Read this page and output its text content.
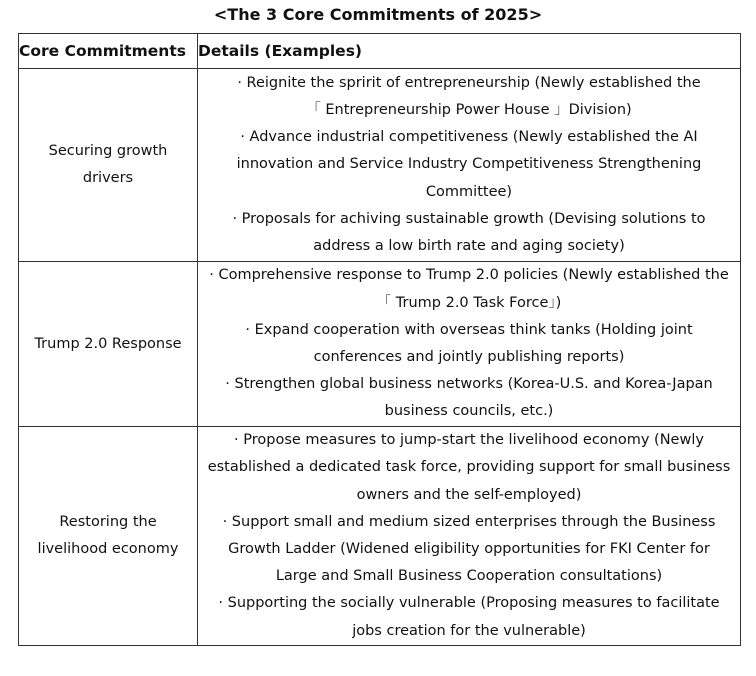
<The 3 Core Commitments of 2025>
Core Commitments	Details (Examples)

Securing growth drivers	· Reignite the spririt of entrepreneurship (Newly established the 「 Entrepreneurship Power House 」Division)
· Advance industrial competitiveness (Newly established the AI innovation and Service Industry Competitiveness Strengthening Committee)
· Proposals for achiving sustainable growth (Devising solutions to address a low birth rate and aging society)

Trump 2.0 Response	· Comprehensive response to Trump 2.0 policies (Newly established the 「 Trump 2.0 Task Force」)
· Expand cooperation with overseas think tanks (Holding joint conferences and jointly publishing reports)
· Strengthen global business networks (Korea-U.S. and Korea-Japan business councils, etc.)

Restoring the livelihood economy	· Propose measures to jump-start the livelihood economy (Newly established a dedicated task force, providing support for small business owners and the self-employed)
· Support small and medium sized enterprises through the Business Growth Ladder (Widened eligibility opportunities for FKI Center for Large and Small Business Cooperation consultations)
· Supporting the socially vulnerable (Proposing measures to facilitate jobs creation for the vulnerable)
